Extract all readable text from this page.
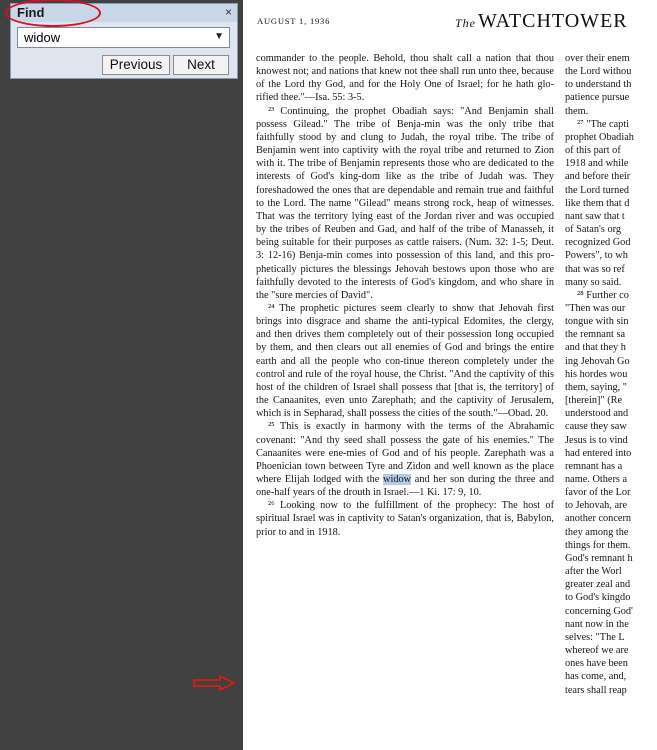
AUGUST 1, 1936	The WATCHTOWER

commander to the people. Behold, thou shalt call a nation that thou knowest not; and nations that knew not thee shall run unto thee, because of the Lord thy God, and for the Holy One of Israel; for he hath glo-rified thee."—Isa. 55: 3-5.

²³ Continuing, the prophet Obadiah says: "And Benjamin shall possess Gilead." The tribe of Benja-min was the only tribe that faithfully stood by and clung to Judah, the royal tribe. The tribe of Benjamin went into captivity with the royal tribe and returned to Zion with it. The tribe of Benjamin represents those who are dedicated to the interests of God's king-dom like as the tribe of Judah was. They foreshadowed the ones that are dependable and remain true and faithful to the Lord. The name "Gilead" means strong rock, heap of witnesses. That was the territory lying east of the Jordan river and was occupied by the tribes of Reuben and Gad, and half of the tribe of Manasseh, it being suitable for their purposes as cattle raisers. (Num. 32: 1-5; Deut. 3: 12-16) Benja-min comes into possession of this land, and this pro-phetically pictures the blessings Jehovah bestows upon those who are faithfully devoted to the interests of God's kingdom, and who share in the "sure mercies of David".

²⁴ The prophetic pictures seem clearly to show that Jehovah first brings into disgrace and shame the anti-typical Edomites, the clergy, and then drives them completely out of their possession long occupied by them, and then clears out all enemies of God and brings the entire earth and all the people who con-tinue thereon completely under the control and rule of the royal house, the Christ. "And the captivity of this host of the children of Israel shall possess that [that is, the territory] of the Canaanites, even unto Zarephath; and the captivity of Jerusalem, which is in Sepharad, shall possess the cities of the south."—Obad. 20.

²⁵ This is exactly in harmony with the terms of the Abrahamic covenant: "And thy seed shall possess the gate of his enemies." The Canaanites were ene-mies of God and of his people. Zarephath was a Phoenician town between Tyre and Zidon and well known as the place where Elijah lodged with the widow and her son during the three and one-half years of the drouth in Israel.—1 Ki. 17: 9, 10.

²⁶ Looking now to the fulfillment of the prophecy: The host of spiritual Israel was in captivity to Satan's organization, that is, Babylon, prior to and in 1918.

over their enem

the Lord withou

to understand th

patience pursue

them.

²⁷ "The capti

prophet Obadiah

of this part of

1918 and while

and before their

the Lord turned

like them that d

nant saw that t

of Satan's org

recognized God

Powers", to wh

that was so ref

many so said.

²⁸ Further co

"Then was our

tongue with sin

the remnant sa

and that they h

ing Jehovah Go

his hordes wou

them, saying, "

[therein]" (Re

understood and

cause they saw

Jesus is to vind

had entered into

remnant has a

name. Others a

favor of the Lor

to Jehovah, are

another concern

they among the

things for them.

God's remnant h

after the Worl

greater zeal and

to God's kingdo

concerning God'

nant now in the

selves: "The L

whereof we are

ones have been

has come, and,

tears shall reap

Find	×
widow
▼
Previous	Next
